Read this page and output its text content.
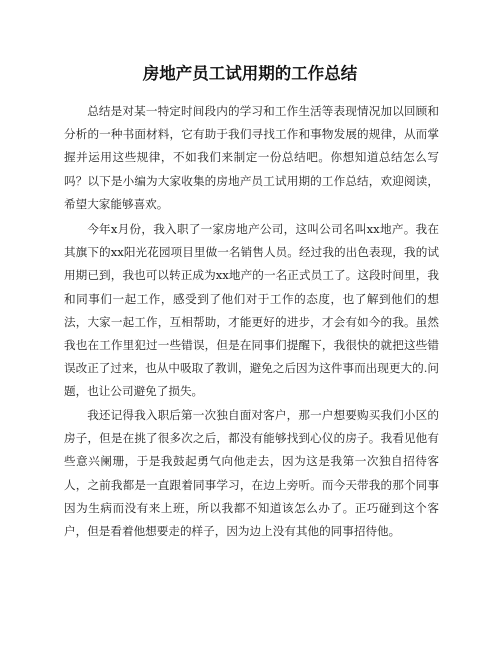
房地产员工试用期的工作总结

总结是对某一特定时间段内的学习和工作生活等表现情况加以回顾和分析的一种书面材料，它有助于我们寻找工作和事物发展的规律，从而掌握并运用这些规律，不如我们来制定一份总结吧。你想知道总结怎么写吗？以下是小编为大家收集的房地产员工试用期的工作总结，欢迎阅读，希望大家能够喜欢。

今年x月份，我入职了一家房地产公司，这叫公司名叫xx地产。我在其旗下的xx阳光花园项目里做一名销售人员。经过我的出色表现，我的试用期已到，我也可以转正成为xx地产的一名正式员工了。这段时间里，我和同事们一起工作，感受到了他们对于工作的态度，也了解到他们的想法，大家一起工作，互相帮助，才能更好的进步，才会有如今的我。虽然我也在工作里犯过一些错误，但是在同事们提醒下，我很快的就把这些错误改正了过来，也从中吸取了教训，避免之后因为这件事而出现更大的.问题，也让公司避免了损失。

我还记得我入职后第一次独自面对客户，那一户想要购买我们小区的房子，但是在挑了很多次之后，都没有能够找到心仪的房子。我看见他有些意兴阑珊，于是我鼓起勇气向他走去，因为这是我第一次独自招待客人，之前我都是一直跟着同事学习，在边上旁听。而今天带我的那个同事因为生病而没有来上班，所以我都不知道该怎么办了。正巧碰到这个客户，但是看着他想要走的样子，因为边上没有其他的同事招待他。
